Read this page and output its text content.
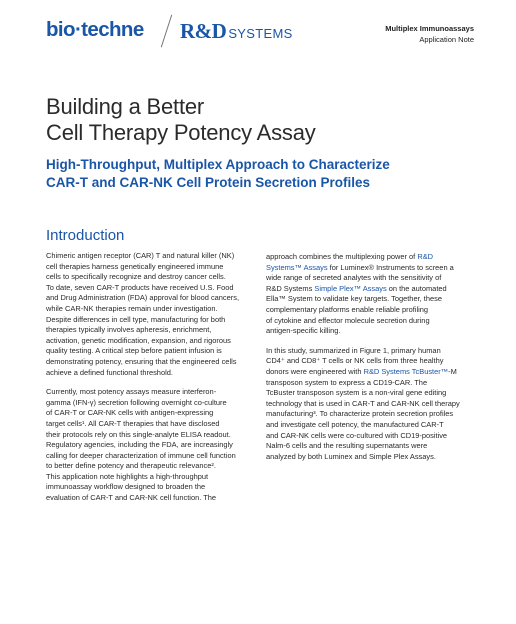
bio·techne R&D SYSTEMS	Multiplex Immunoassays
Application Note
Building a Better
Cell Therapy Potency Assay
High-Throughput, Multiplex Approach to Characterize
CAR-T and CAR-NK Cell Protein Secretion Profiles
Introduction

Chimeric antigen receptor (CAR) T and natural killer (NK)
cell therapies harness genetically engineered immune
cells to specifically recognize and destroy cancer cells.
To date, seven CAR-T products have received U.S. Food
and Drug Administration (FDA) approval for blood cancers,
while CAR-NK therapies remain under investigation.
Despite differences in cell type, manufacturing for both
therapies typically involves apheresis, enrichment,
activation, genetic modification, expansion, and rigorous
quality testing. A critical step before patient infusion is
demonstrating potency, ensuring that the engineered cells
achieve a defined functional threshold.

Currently, most potency assays measure interferon-
gamma (IFN-γ) secretion following overnight co-culture
of CAR-T or CAR-NK cells with antigen-expressing
target cells¹. All CAR-T therapies that have disclosed
their protocols rely on this single-analyte ELISA readout.
Regulatory agencies, including the FDA, are increasingly
calling for deeper characterization of immune cell function
to better define potency and therapeutic relevance².
This application note highlights a high-throughput
immunoassay workflow designed to broaden the
evaluation of CAR-T and CAR-NK cell function. The

approach combines the multiplexing power of R&D
Systems™ Assays for Luminex® Instruments to screen a
wide range of secreted analytes with the sensitivity of
R&D Systems Simple Plex™ Assays on the automated
Ella™ System to validate key targets. Together, these
complementary platforms enable reliable profiling
of cytokine and effector molecule secretion during
antigen-specific killing.

In this study, summarized in Figure 1, primary human
CD4⁺ and CD8⁺ T cells or NK cells from three healthy
donors were engineered with R&D Systems TcBuster™-M
transposon system to express a CD19-CAR. The
TcBuster transposon system is a non-viral gene editing
technology that is used in CAR-T and CAR-NK cell therapy
manufacturing³. To characterize protein secretion profiles
and investigate cell potency, the manufactured CAR-T
and CAR-NK cells were co-cultured with CD19-positive
Nalm-6 cells and the resulting supernatants were
analyzed by both Luminex and Simple Plex Assays.
